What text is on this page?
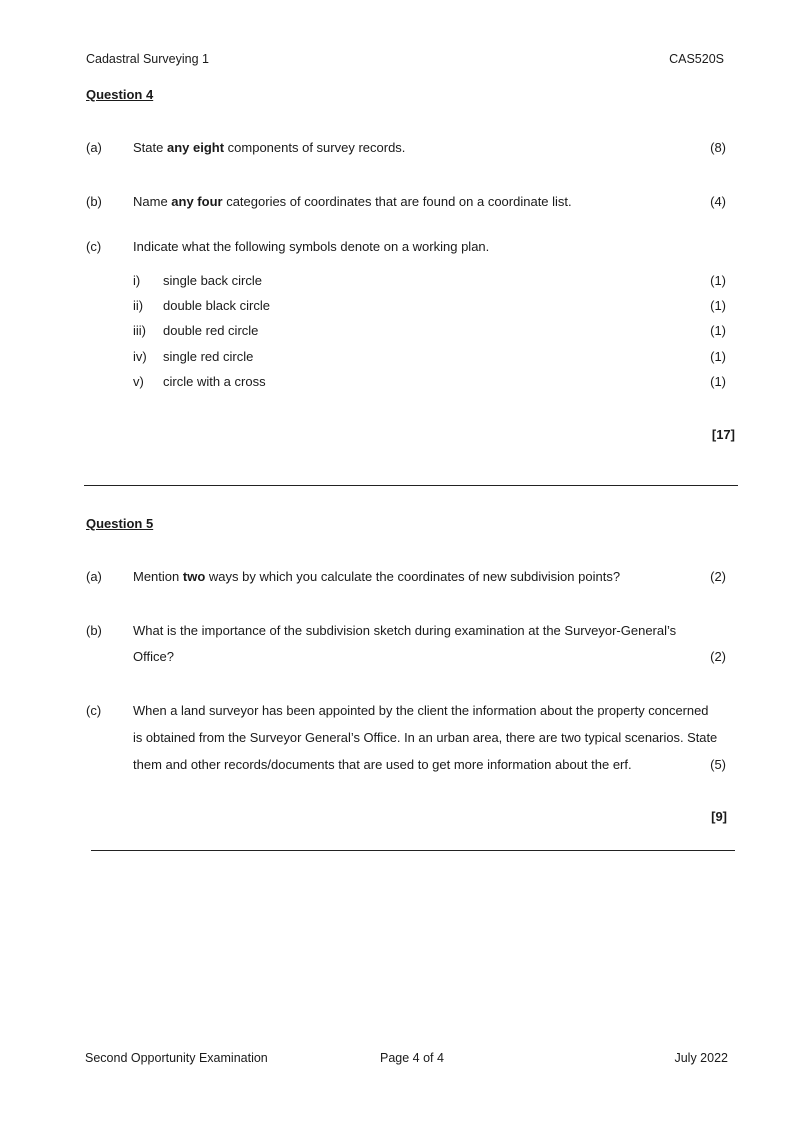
Cadastral Surveying 1	CAS520S
Question 4
(a) State any eight components of survey records.	(8)
(b) Name any four categories of coordinates that are found on a coordinate list.	(4)
(c) Indicate what the following symbols denote on a working plan.
i) single back circle	(1)
ii) double black circle	(1)
iii) double red circle	(1)
iv) single red circle	(1)
v) circle with a cross	(1)
[17]
Question 5
(a) Mention two ways by which you calculate the coordinates of new subdivision points?	(2)
(b) What is the importance of the subdivision sketch during examination at the Surveyor-General’s
Office?	(2)
(c) When a land surveyor has been appointed by the client the information about the property concerned
is obtained from the Surveyor General’s Office. In an urban area, there are two typical scenarios. State
them and other records/documents that are used to get more information about the erf.	(5)
[9]
Second Opportunity Examination	Page 4 of 4	July 2022
